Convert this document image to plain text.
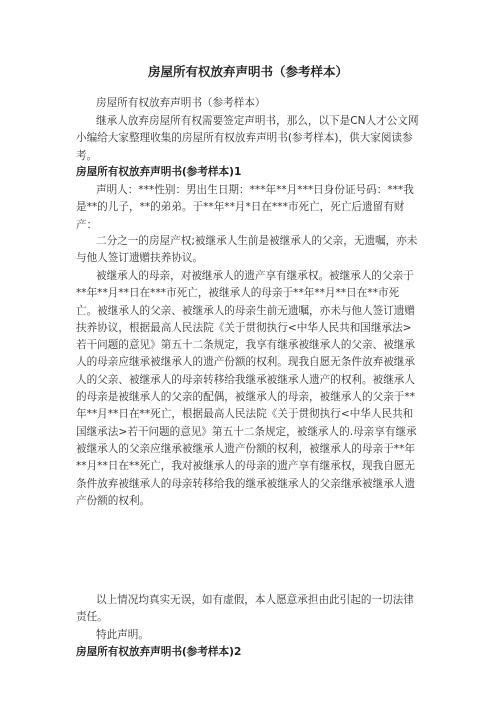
房屋所有权放弃声明书（参考样本）

房屋所有权放弃声明书（参考样本）

继承人放弃房屋所有权需要签定声明书，那么，以下是CN人才公文网小编给大家整理收集的房屋所有权放弃声明书(参考样本)，供大家阅读参考。

房屋所有权放弃声明书(参考样本)1

声明人：***性别：男出生日期：***年**月***日身份证号码：***我是**的儿子，**的弟弟。于**年**月*日在***市死亡，死亡后遗留有财产：

二分之一的房屋产权;被继承人生前是被继承人的父亲，无遗嘱，亦未与他人签订遗赠扶养协议。

被继承人的母亲，对被继承人的遗产享有继承权。被继承人的父亲于**年**月**日在***市死亡，被继承人的母亲于**年**月**日在**市死亡。被继承人的父亲、被继承人的母亲生前无遗嘱，亦未与他人签订遗赠扶养协议，根据最高人民法院《关于贯彻执行<中华人民共和国继承法>若干问题的意见》第五十二条规定，我享有继承被继承人的父亲、被继承人的母亲应继承被继承人的遗产份额的权利。现我自愿无条件放弃被继承人的父亲、被继承人的母亲转移给我继承被继承人遗产的权利。被继承人的母亲是被继承人的父亲的配偶，被继承人的母亲，被继承人的父亲于**年**月**日在**死亡，根据最高人民法院《关于贯彻执行<中华人民共和国继承法>若干问题的意见》第五十二条规定，被继承人的.母亲享有继承被继承人的父亲应继承被继承人遗产份额的权利，被继承人的母亲于**年**月**日在**死亡，我对被继承人的母亲的遗产享有继承权，现我自愿无条件放弃被继承人的母亲转移给我的继承被继承人的父亲继承被继承人遗产份额的权利。

以上情况均真实无误，如有虚假，本人愿意承担由此引起的一切法律责任。

特此声明。

房屋所有权放弃声明书(参考样本)2
